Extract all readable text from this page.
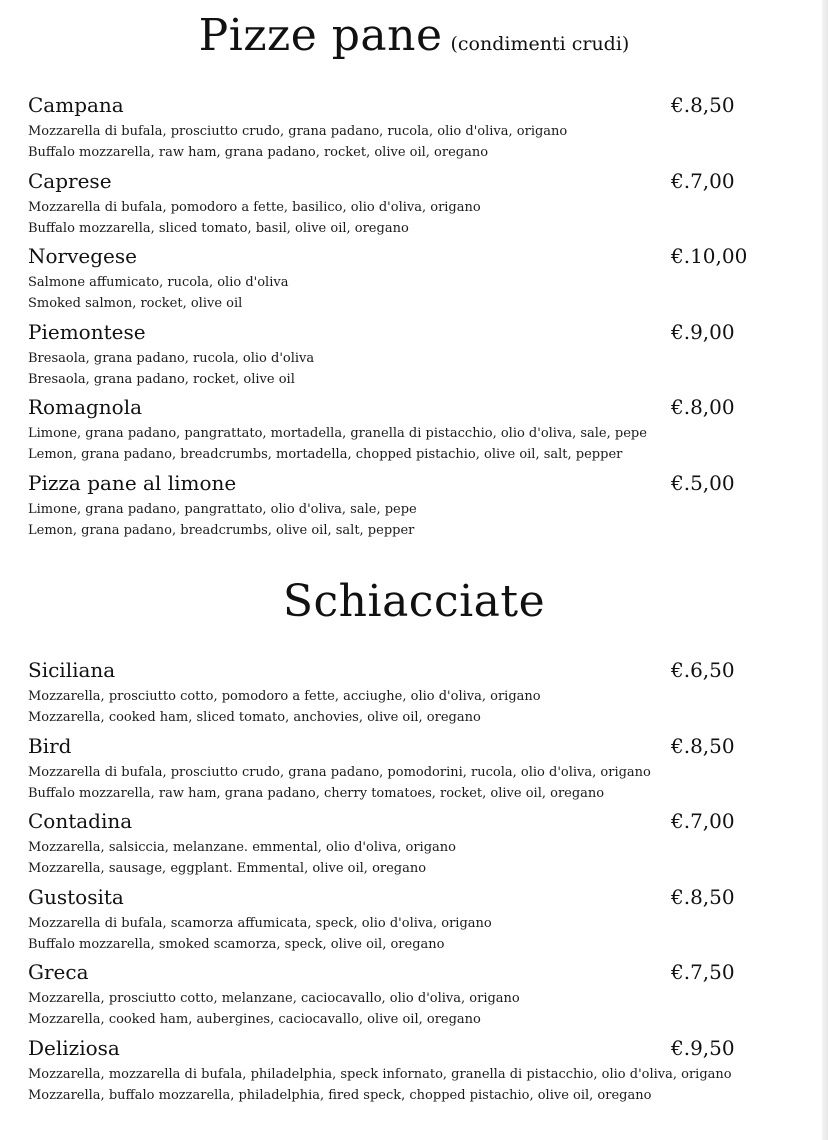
Pizze pane (condimenti crudi)
Campana	€.8,50
Mozzarella di bufala, prosciutto crudo, grana padano, rucola, olio d'oliva, origano
Buffalo mozzarella, raw ham, grana padano, rocket, olive oil, oregano
Caprese	€.7,00
Mozzarella di bufala, pomodoro a fette, basilico, olio d'oliva, origano
Buffalo mozzarella, sliced tomato, basil, olive oil, oregano
Norvegese	€.10,00
Salmone affumicato, rucola, olio d'oliva
Smoked salmon, rocket, olive oil
Piemontese	€.9,00
Bresaola, grana padano, rucola, olio d'oliva
Bresaola, grana padano, rocket, olive oil
Romagnola	€.8,00
Limone, grana padano, pangrattato, mortadella, granella di pistacchio, olio d'oliva, sale, pepe
Lemon, grana padano, breadcrumbs, mortadella, chopped pistachio, olive oil, salt, pepper
Pizza pane al limone	€.5,00
Limone, grana padano, pangrattato, olio d'oliva, sale, pepe
Lemon, grana padano, breadcrumbs, olive oil, salt, pepper
Schiacciate
Siciliana	€.6,50
Mozzarella, prosciutto cotto, pomodoro a fette, acciughe, olio d'oliva, origano
Mozzarella, cooked ham, sliced tomato, anchovies, olive oil, oregano
Bird	€.8,50
Mozzarella di bufala, prosciutto crudo, grana padano, pomodorini, rucola, olio d'oliva, origano
Buffalo mozzarella, raw ham, grana padano, cherry tomatoes, rocket, olive oil, oregano
Contadina	€.7,00
Mozzarella, salsiccia, melanzane. emmental, olio d'oliva, origano
Mozzarella, sausage, eggplant. Emmental, olive oil, oregano
Gustosita	€.8,50
Mozzarella di bufala, scamorza affumicata, speck, olio d'oliva, origano
Buffalo mozzarella, smoked scamorza, speck, olive oil, oregano
Greca	€.7,50
Mozzarella, prosciutto cotto, melanzane, caciocavallo, olio d'oliva, origano
Mozzarella, cooked ham, aubergines, caciocavallo, olive oil, oregano
Deliziosa	€.9,50
Mozzarella, mozzarella di bufala, philadelphia, speck infornato, granella di pistacchio, olio d'oliva, origano
Mozzarella, buffalo mozzarella, philadelphia, fired speck, chopped pistachio, olive oil, oregano
